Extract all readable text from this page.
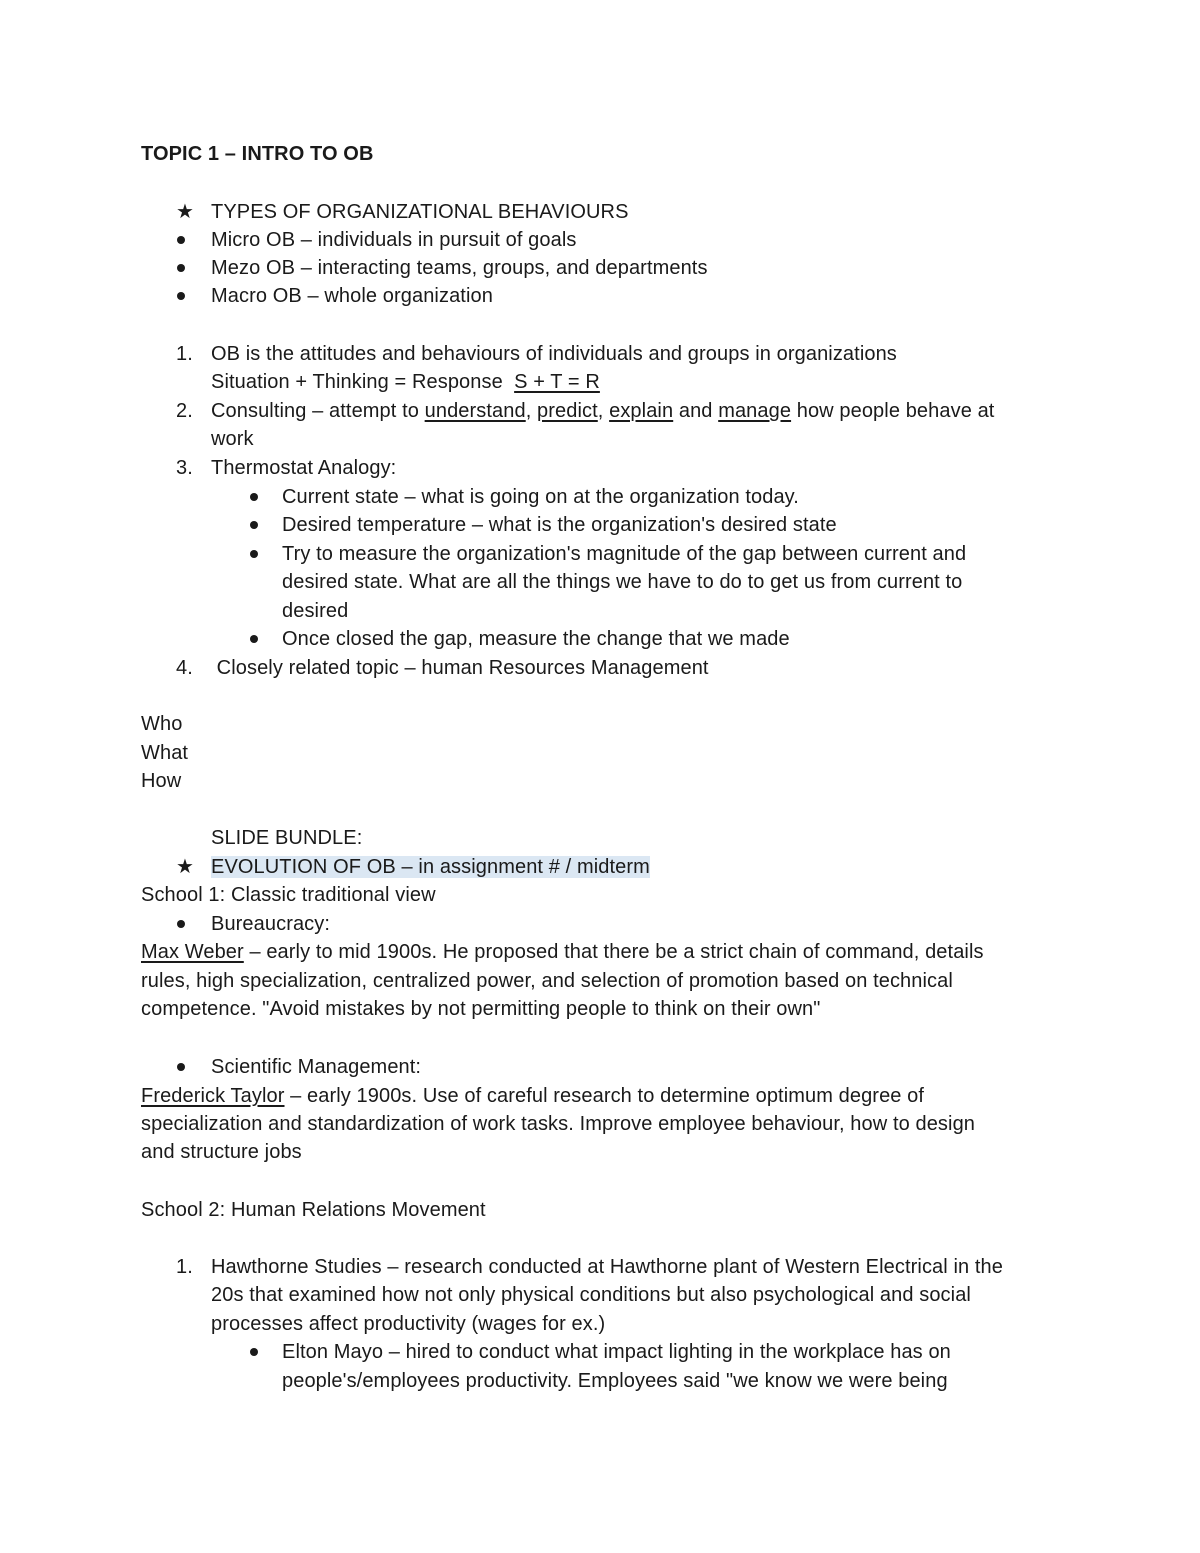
TOPIC 1 – INTRO TO OB
★ TYPES OF ORGANIZATIONAL BEHAVIOURS
Micro OB – individuals in pursuit of goals
Mezo OB – interacting teams, groups, and departments
Macro OB – whole organization
1. OB is the attitudes and behaviours of individuals and groups in organizations
Situation + Thinking = Response  S + T = R
2. Consulting – attempt to understand, predict, explain and manage how people behave at
work
3. Thermostat Analogy:
Current state – what is going on at the organization today.
Desired temperature – what is the organization's desired state
Try to measure the organization's magnitude of the gap between current and
desired state. What are all the things we have to do to get us from current to
desired
Once closed the gap, measure the change that we made
4. Closely related topic – human Resources Management
Who
What
How
SLIDE BUNDLE:
★ EVOLUTION OF OB – in assignment # / midterm
School 1: Classic traditional view
Bureaucracy:
Max Weber – early to mid 1900s. He proposed that there be a strict chain of command, details
rules, high specialization, centralized power, and selection of promotion based on technical
competence. "Avoid mistakes by not permitting people to think on their own"
Scientific Management:
Frederick Taylor – early 1900s. Use of careful research to determine optimum degree of
specialization and standardization of work tasks. Improve employee behaviour, how to design
and structure jobs
School 2: Human Relations Movement
1. Hawthorne Studies – research conducted at Hawthorne plant of Western Electrical in the
20s that examined how not only physical conditions but also psychological and social
processes affect productivity (wages for ex.)
Elton Mayo – hired to conduct what impact lighting in the workplace has on
people's/employees productivity. Employees said "we know we were being
